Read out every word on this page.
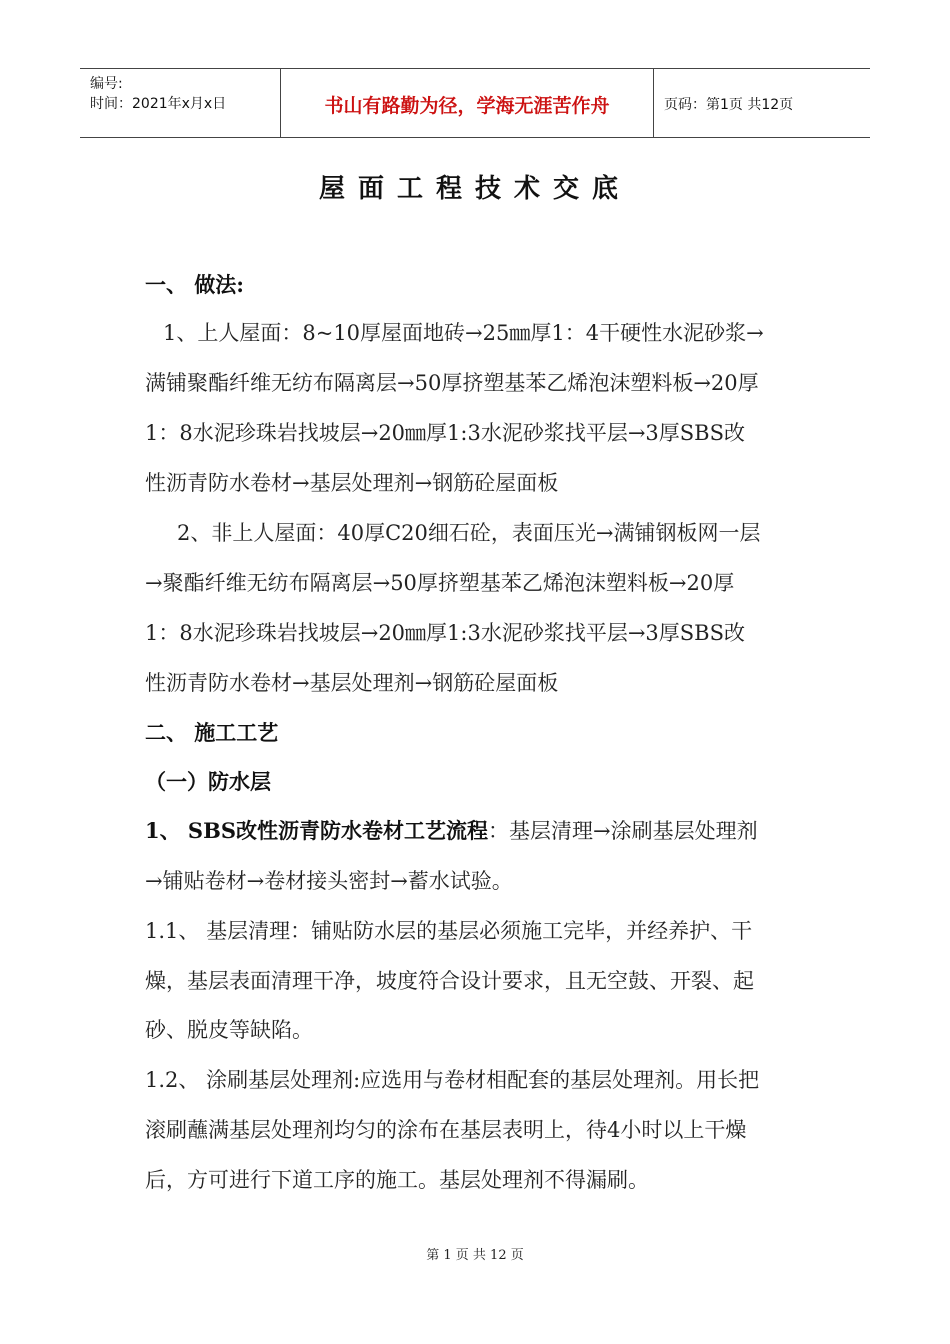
编号:
时间：2021年x月x日	书山有路勤为径，学海无涯苦作舟	页码：第1页 共12页
屋面工程技术交底
一、 做法:
1、上人屋面：8~10厚屋面地砖→25㎜厚1：4干硬性水泥砂浆→
满铺聚酯纤维无纺布隔离层→50厚挤塑基苯乙烯泡沫塑料板→20厚
1：8水泥珍珠岩找坡层→20㎜厚1:3水泥砂浆找平层→3厚SBS改
性沥青防水卷材→基层处理剂→钢筋砼屋面板
2、非上人屋面：40厚C20细石砼，表面压光→满铺钢板网一层
→聚酯纤维无纺布隔离层→50厚挤塑基苯乙烯泡沫塑料板→20厚
1：8水泥珍珠岩找坡层→20㎜厚1:3水泥砂浆找平层→3厚SBS改
性沥青防水卷材→基层处理剂→钢筋砼屋面板
二、 施工工艺
（一）防水层
1、 SBS改性沥青防水卷材工艺流程：基层清理→涂刷基层处理剂
→铺贴卷材→卷材接头密封→蓄水试验。
1.1、 基层清理：铺贴防水层的基层必须施工完毕，并经养护、干
燥，基层表面清理干净，坡度符合设计要求，且无空鼓、开裂、起
砂、脱皮等缺陷。
1.2、 涂刷基层处理剂:应选用与卷材相配套的基层处理剂。用长把
滚刷蘸满基层处理剂均匀的涂布在基层表明上，待4小时以上干燥
后，方可进行下道工序的施工。基层处理剂不得漏刷。
第 1 页 共 12 页
